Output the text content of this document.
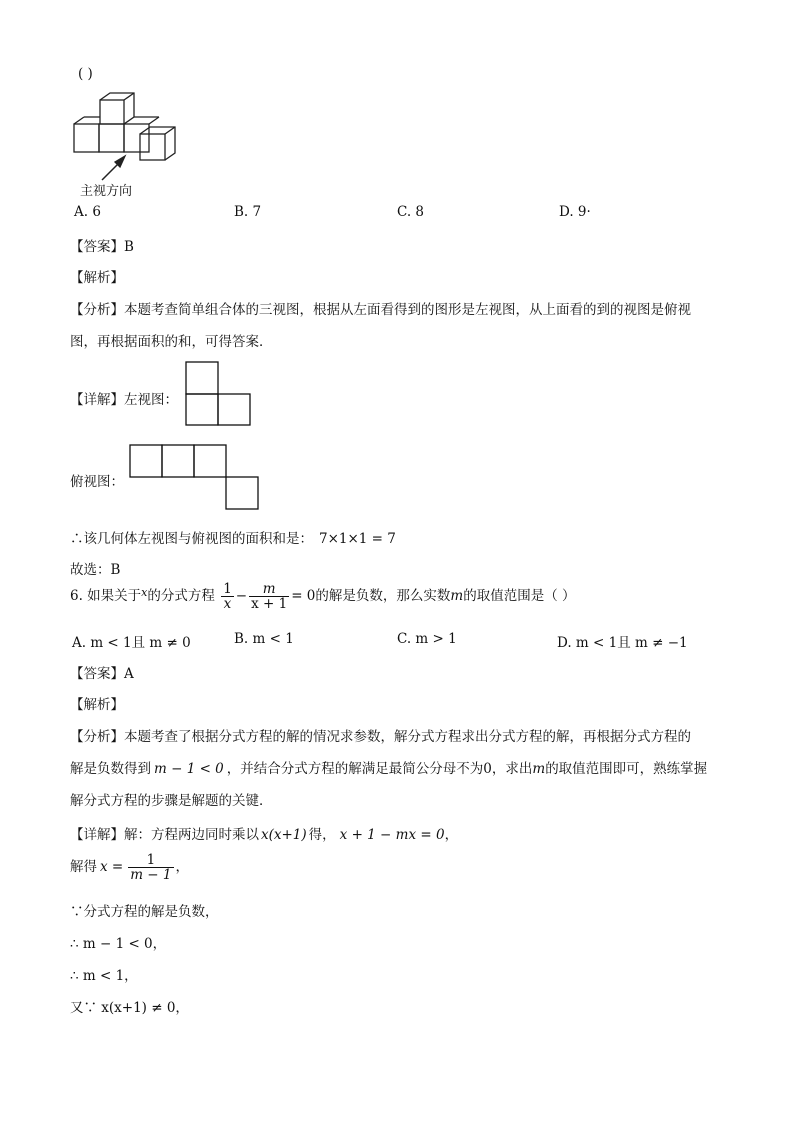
( )
主视方向
A. 6	B. 7	C. 8	D. 9·
【答案】B
【解析】
【分析】本题考查简单组合体的三视图，根据从左面看得到的图形是左视图，从上面看的到的视图是俯视
图，再根据面积的和，可得答案．
【详解】左视图：
俯视图：
∴该几何体左视图与俯视图的面积和是： 7×1×1 = 7
故选：B
6. 如果关于$^x$的分式方程 $\frac{1}{x} - \frac{m}{x + 1} = 0$的解是负数，那么实数m的取值范围是（ ）
A. m < 1且 m ≠ 0	B. m < 1	C. m > 1	D. m < 1且 m ≠ −1
【答案】A
【解析】
【分析】本题考查了根据分式方程的解的情况求参数，解分式方程求出分式方程的解，再根据分式方程的
解是负数得到 m − 1 < 0 ，并结合分式方程的解满足最简公分母不为0，求出m的取值范围即可，熟练掌握
解分式方程的步骤是解题的关键．
【详解】解：方程两边同时乘以 x(x+1) 得， x + 1 − mx = 0，
解得 $x = \frac{1}{m - 1}$ ，
∵分式方程的解是负数，
∴ m − 1 < 0，
∴ m < 1，
又∵ x(x+1) ≠ 0，
